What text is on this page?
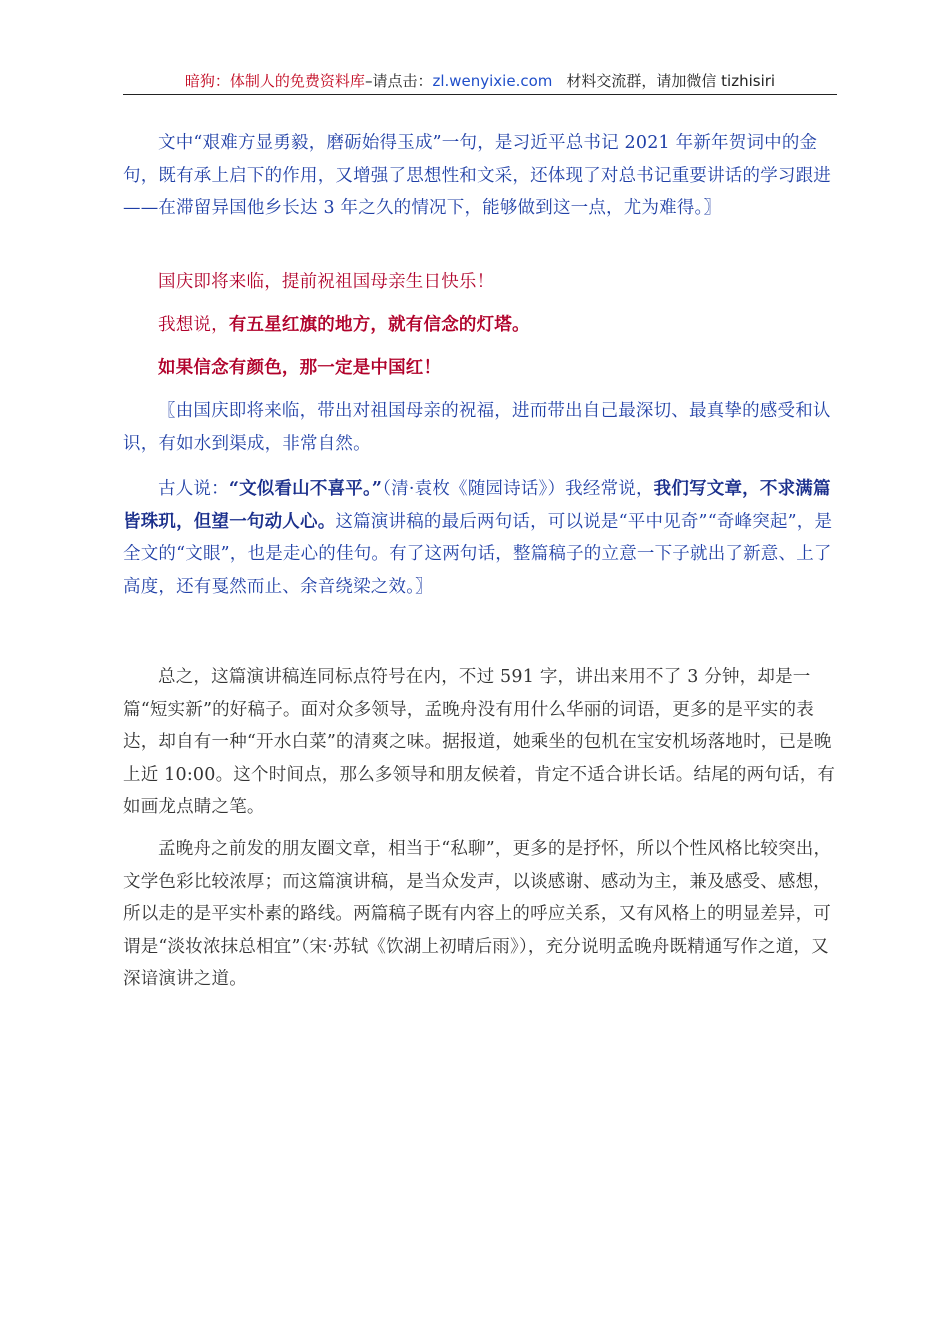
暗狗：体制人的免费资料库–请点击：zl.wenyixie.com 材料交流群，请加微信 tizhisiri

文中“艰难方显勇毅，磨砺始得玉成”一句，是习近平总书记 2021 年新年贺词中的金句，既有承上启下的作用，又增强了思想性和文采，还体现了对总书记重要讲话的学习跟进——在滞留异国他乡长达 3 年之久的情况下，能够做到这一点，尤为难得。〗

国庆即将来临，提前祝祖国母亲生日快乐！

我想说，有五星红旗的地方，就有信念的灯塔。

如果信念有颜色，那一定是中国红！

〖由国庆即将来临，带出对祖国母亲的祝福，进而带出自己最深切、最真挚的感受和认识，有如水到渠成，非常自然。

古人说：“文似看山不喜平。”（清·袁枚《随园诗话》）我经常说，我们写文章，不求满篇皆珠玑，但望一句动人心。这篇演讲稿的最后两句话，可以说是“平中见奇”“奇峰突起”，是全文的“文眼”，也是走心的佳句。有了这两句话，整篇稿子的立意一下子就出了新意、上了高度，还有戛然而止、余音绕梁之效。〗

总之，这篇演讲稿连同标点符号在内，不过 591 字，讲出来用不了 3 分钟，却是一篇“短实新”的好稿子。面对众多领导，孟晚舟没有用什么华丽的词语，更多的是平实的表达，却自有一种“开水白菜”的清爽之味。据报道，她乘坐的包机在宝安机场落地时，已是晚上近 10:00。这个时间点，那么多领导和朋友候着，肯定不适合讲长话。结尾的两句话，有如画龙点睛之笔。

孟晚舟之前发的朋友圈文章，相当于“私聊”，更多的是抒怀，所以个性风格比较突出，文学色彩比较浓厚；而这篇演讲稿，是当众发声，以谈感谢、感动为主，兼及感受、感想，所以走的是平实朴素的路线。两篇稿子既有内容上的呼应关系，又有风格上的明显差异，可谓是“淡妆浓抹总相宜”（宋·苏轼《饮湖上初晴后雨》），充分说明孟晚舟既精通写作之道，又深谙演讲之道。
